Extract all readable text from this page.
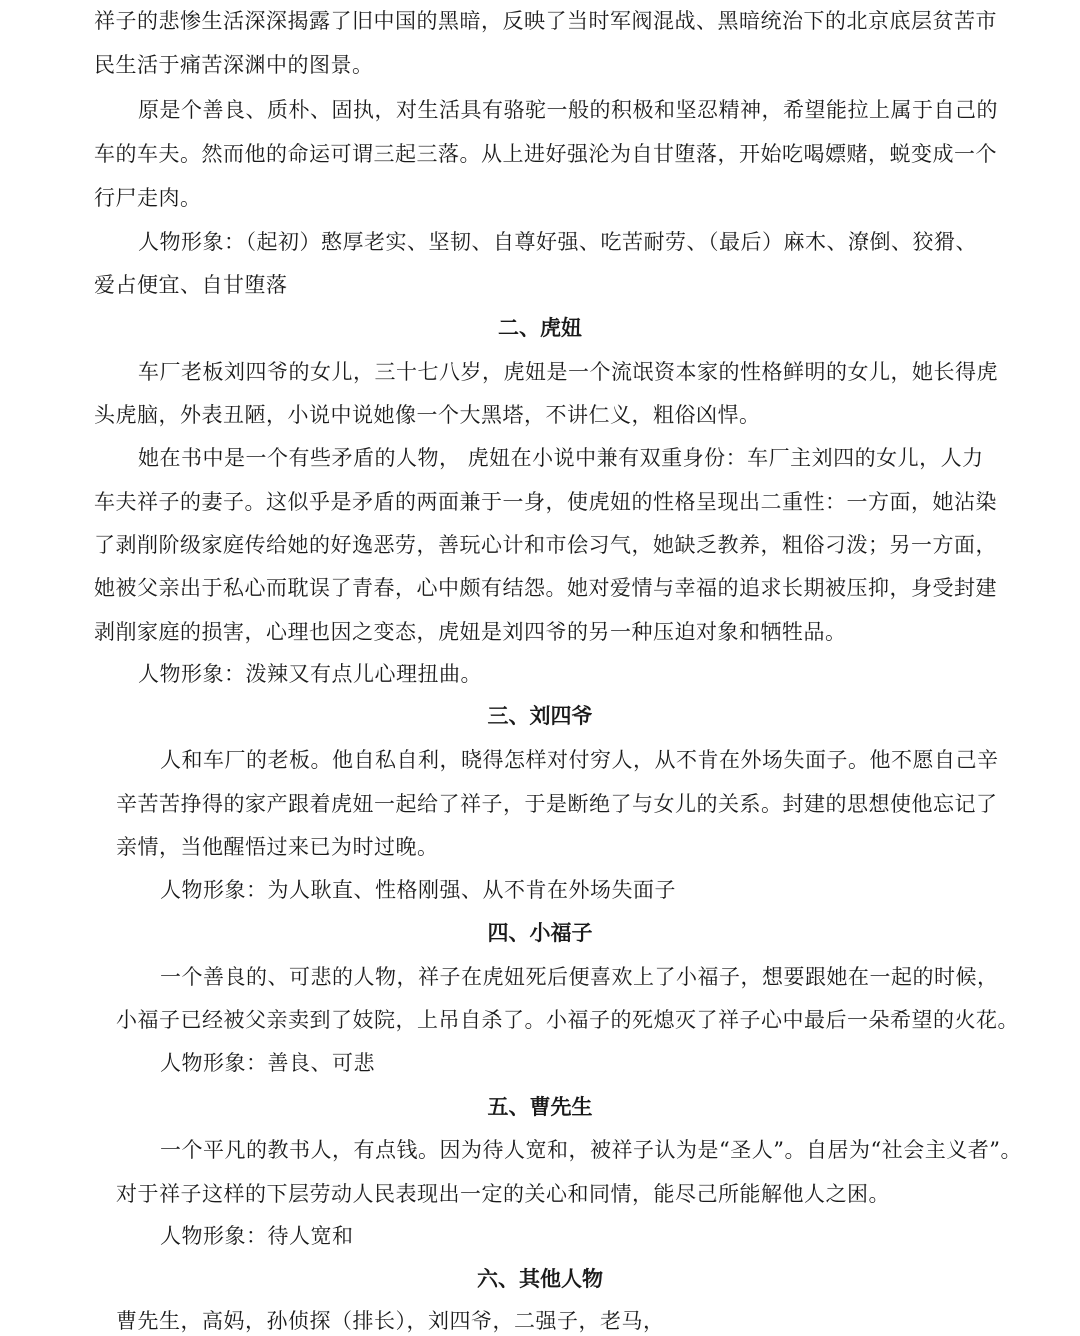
祥子的悲惨生活深深揭露了旧中国的黑暗，反映了当时军阀混战、黑暗统治下的北京底层贫苦市
民生活于痛苦深渊中的图景。
原是个善良、质朴、固执，对生活具有骆驼一般的积极和坚忍精神，希望能拉上属于自己的
车的车夫。然而他的命运可谓三起三落。从上进好强沦为自甘堕落，开始吃喝嫖赌，蜕变成一个
行尸走肉。
人物形象：（起初）憨厚老实、坚韧、自尊好强、吃苦耐劳、（最后）麻木、潦倒、狡猾、
爱占便宜、自甘堕落
二、虎妞
车厂老板刘四爷的女儿，三十七八岁，虎妞是一个流氓资本家的性格鲜明的女儿，她长得虎
头虎脑，外表丑陋，小说中说她像一个大黑塔，不讲仁义，粗俗凶悍。
她在书中是一个有些矛盾的人物， 虎妞在小说中兼有双重身份：车厂主刘四的女儿，人力
车夫祥子的妻子。这似乎是矛盾的两面兼于一身，使虎妞的性格呈现出二重性：一方面，她沾染
了剥削阶级家庭传给她的好逸恶劳，善玩心计和市侩习气，她缺乏教养，粗俗刁泼；另一方面，
她被父亲出于私心而耽误了青春，心中颇有结怨。她对爱情与幸福的追求长期被压抑，身受封建
剥削家庭的损害，心理也因之变态，虎妞是刘四爷的另一种压迫对象和牺牲品。
人物形象：泼辣又有点儿心理扭曲。
三、刘四爷
人和车厂的老板。他自私自利，晓得怎样对付穷人，从不肯在外场失面子。他不愿自己辛
辛苦苦挣得的家产跟着虎妞一起给了祥子，于是断绝了与女儿的关系。封建的思想使他忘记了
亲情，当他醒悟过来已为时过晚。
人物形象：为人耿直、性格刚强、从不肯在外场失面子
四、小福子
一个善良的、可悲的人物，祥子在虎妞死后便喜欢上了小福子，想要跟她在一起的时候，
小福子已经被父亲卖到了妓院，上吊自杀了。小福子的死熄灭了祥子心中最后一朵希望的火花。
人物形象：善良、可悲
五、曹先生
一个平凡的教书人，有点钱。因为待人宽和，被祥子认为是“圣人”。自居为“社会主义者”。
对于祥子这样的下层劳动人民表现出一定的关心和同情，能尽己所能解他人之困。
人物形象：待人宽和
六、其他人物
曹先生，高妈，孙侦探（排长），刘四爷，二强子，老马，
